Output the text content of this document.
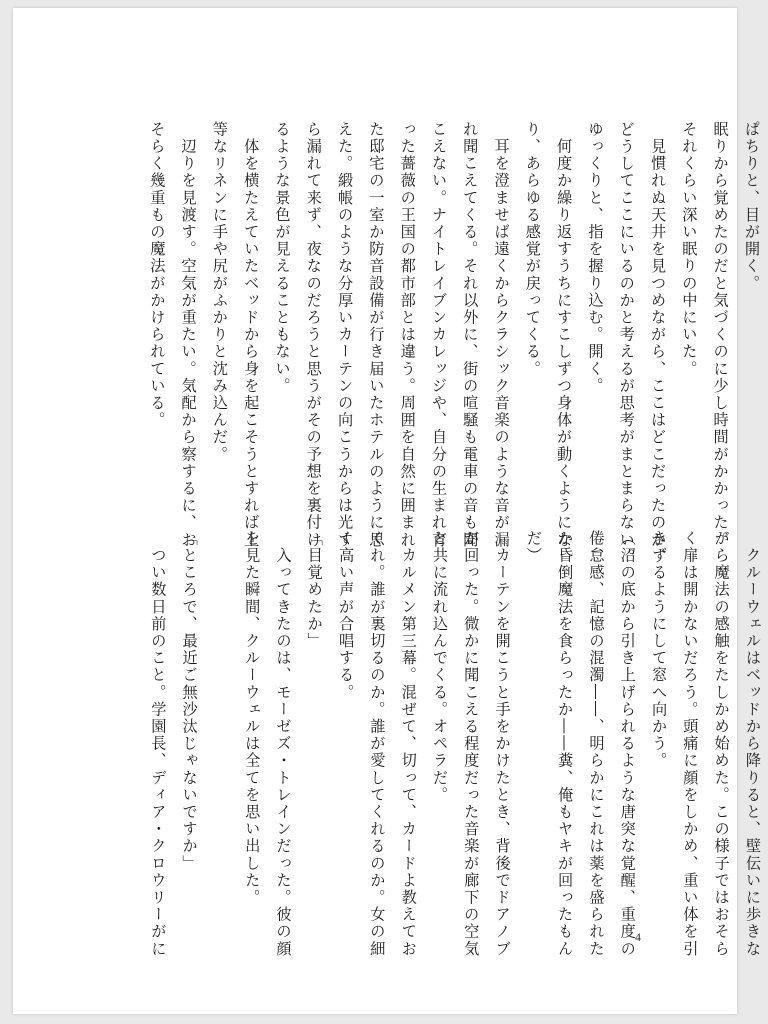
ぱちりと、目が開く。

眠りから覚めたのだと気づくのに少し時間がかかった。

それくらい深い眠りの中にいた。

　見慣れぬ天井を見つめながら、ここはどこだったのか、

どうしてここにいるのかと考えるが思考がまとまらない。

ゆっくりと、指を握り込む。開く。

　何度か繰り返すうちにすこしずつ身体が動くようにな

り、あらゆる感覚が戻ってくる。

　耳を澄ませば遠くからクラシック音楽のような音が漏

れ聞こえてくる。それ以外に、街の喧騒も電車の音も聞

こえない。ナイトレイブンカレッジや、自分の生まれ育

った薔薇の王国の都市部とは違う。周囲を自然に囲まれ

た邸宅の一室か防音設備が行き届いたホテルのように思

えた。緞帳のような分厚いカーテンの向こうからは光す

ら漏れて来ず、夜なのだろうと思うがその予想を裏付け

るような景色が見えることもない。

　体を横たえていたベッドから身を起こそうとすれば上

等なリネンに手や尻がふかりと沈み込んだ。

　辺りを見渡す。空気が重たい。気配から察するに、お

そらく幾重もの魔法がかけられている。

　クルーウェルはベッドから降りると、壁伝いに歩きな

がら魔法の感触をたしかめ始めた。この様子ではおそら

く扉は開かないだろう。頭痛に顔をしかめ、重い体を引

きずるようにして窓へ向かう。

（沼の底から引き上げられるような唐突な覚醒、重度の

倦怠感、記憶の混濁――、明らかにこれは薬を盛られた

か昏倒魔法を食らったか――糞、俺もヤキが回ったもん

だ）

　カーテンを開こうと手をかけたとき、背後でドアノブ

が回った。微かに聞こえる程度だった音楽が廊下の空気

と共に流れ込んでくる。オペラだ。

　カルメン第三幕。混ぜて、切って、カードよ教えてお

くれ。誰が裏切るのか。誰が愛してくれるのか。女の細

く高い声が合唱する。

「目覚めたか」

　入ってきたのは、モーゼズ・トレインだった。彼の顔

を見た瞬間、クルーウェルは全てを思い出した。

「ところで、最近ご無沙汰じゃないですか」

　つい数日前のこと。学園長、ディア・クロウリーがに	4
